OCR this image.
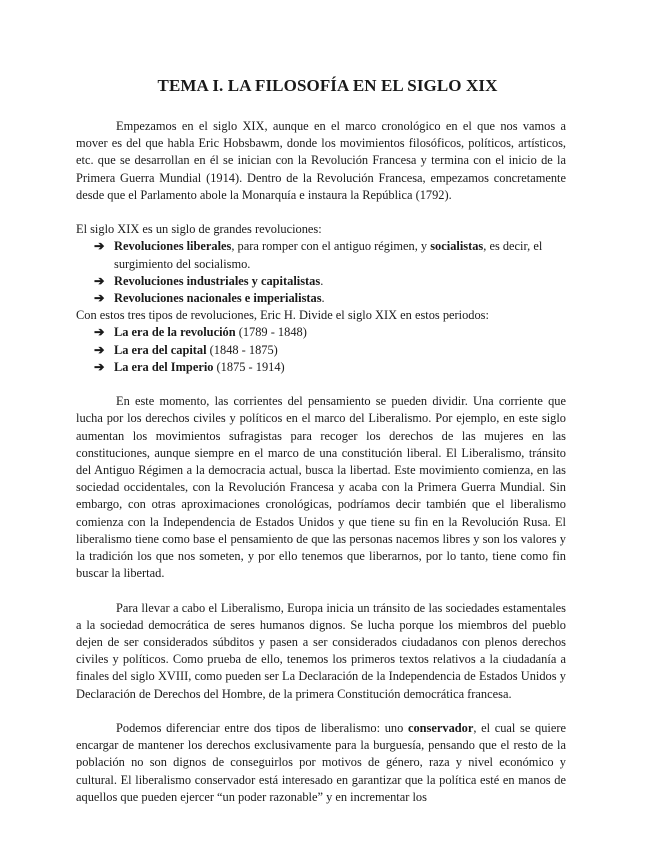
TEMA I. LA FILOSOFÍA EN EL SIGLO XIX

Empezamos en el siglo XIX, aunque en el marco cronológico en el que nos vamos a mover es del que habla Eric Hobsbawm, donde los movimientos filosóficos, políticos, artísticos, etc. que se desarrollan en él se inician con la Revolución Francesa y termina con el inicio de la Primera Guerra Mundial (1914). Dentro de la Revolución Francesa, empezamos concretamente desde que el Parlamento abole la Monarquía e instaura la República (1792).

El siglo XIX es un siglo de grandes revoluciones:

➔ Revoluciones liberales, para romper con el antiguo régimen, y socialistas, es decir, el surgimiento del socialismo.
➔ Revoluciones industriales y capitalistas.
➔ Revoluciones nacionales e imperialistas.

Con estos tres tipos de revoluciones, Eric H. Divide el siglo XIX en estos periodos:

➔ La era de la revolución (1789 - 1848)
➔ La era del capital (1848 - 1875)
➔ La era del Imperio (1875 - 1914)

En este momento, las corrientes del pensamiento se pueden dividir. Una corriente que lucha por los derechos civiles y políticos en el marco del Liberalismo. Por ejemplo, en este siglo aumentan los movimientos sufragistas para recoger los derechos de las mujeres en las constituciones, aunque siempre en el marco de una constitución liberal. El Liberalismo, tránsito del Antiguo Régimen a la democracia actual, busca la libertad. Este movimiento comienza, en las sociedad occidentales, con la Revolución Francesa y acaba con la Primera Guerra Mundial. Sin embargo, con otras aproximaciones cronológicas, podríamos decir también que el liberalismo comienza con la Independencia de Estados Unidos y que tiene su fin en la Revolución Rusa. El liberalismo tiene como base el pensamiento de que las personas nacemos libres y son los valores y la tradición los que nos someten, y por ello tenemos que liberarnos, por lo tanto, tiene como fin buscar la libertad.

Para llevar a cabo el Liberalismo, Europa inicia un tránsito de las sociedades estamentales a la sociedad democrática de seres humanos dignos. Se lucha porque los miembros del pueblo dejen de ser considerados súbditos y pasen a ser considerados ciudadanos con plenos derechos civiles y políticos. Como prueba de ello, tenemos los primeros textos relativos a la ciudadanía a finales del siglo XVIII, como pueden ser La Declaración de la Independencia de Estados Unidos y Declaración de Derechos del Hombre, de la primera Constitución democrática francesa.

Podemos diferenciar entre dos tipos de liberalismo: uno conservador, el cual se quiere encargar de mantener los derechos exclusivamente para la burguesía, pensando que el resto de la población no son dignos de conseguirlos por motivos de género, raza y nivel económico y cultural. El liberalismo conservador está interesado en garantizar que la política esté en manos de aquellos que pueden ejercer “un poder razonable” y en incrementar los
